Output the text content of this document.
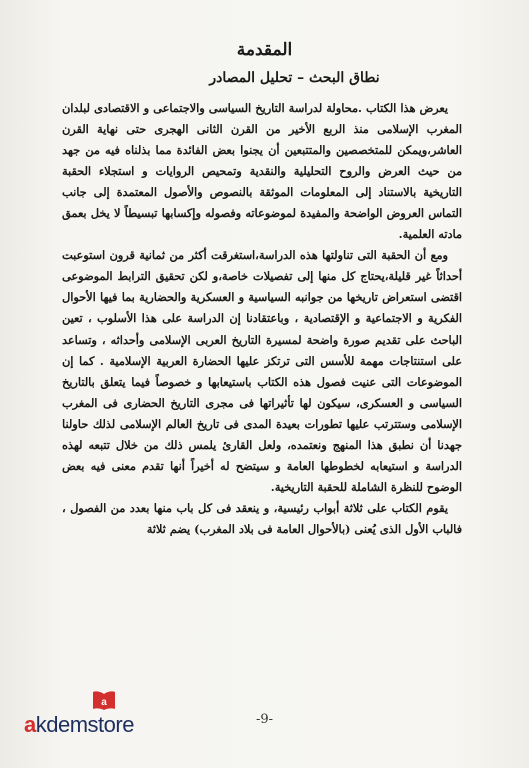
المقدمة
نطاق البحث – تحليل المصادر

يعرض هذا الكتاب .محاولة لدراسة التاريخ السياسى والاجتماعى و الاقتصادى لبلدان المغرب الإسلامى منذ الربع الأخير من القرن الثانى الهجرى حتى نهاية القرن العاشر،ويمكن للمتخصصين والمتتبعين أن يجنوا بعض الفائدة مما بذلناه فيه من جهد من حيث العرض والروح التحليلية والنقدية وتمحيص الروايات و استجلاء الحقبة التاريخية بالاستناد إلى المعلومات الموثقة بالنصوص والأصول المعتمدة إلى جانب التماس العروض الواضحة والمفيدة لموضوعاته وفصوله وإكسابها تبسيطاً لا يخل بعمق مادته العلمية.

ومع أن الحقبة التى تناولتها هذه الدراسة،استغرقت أكثر من ثمانية قرون استوعبت أحداثاً غير قليلة،يحتاج كل منها إلى تفصيلات خاصة،و لكن تحقيق الترابط الموضوعى اقتضى استعراض تاريخها من جوانبه السياسية و العسكرية والحضارية بما فيها الأحوال الفكرية و الاجتماعية و الإقتصادية ، وباعتقادنا إن الدراسة على هذا الأسلوب ، تعين الباحث على تقديم صورة واضحة لمسيرة التاريخ العربى الإسلامى وأحداثه ، وتساعد على استنتاجات مهمة للأسس التى ترتكز عليها الحضارة العربية الإسلامية . كما إن الموضوعات التى عنيت فصول هذه الكتاب باستيعابها و خصوصاً فيما يتعلق بالتاريخ السياسى و العسكرى، سيكون لها تأثيراتها فى مجرى التاريخ الحضارى فى المغرب الإسلامى وستترتب عليها تطورات بعيدة المدى فى تاريخ العالم الإسلامى لذلك حاولنا جهدنا أن نطبق هذا المنهج ونعتمده، ولعل القارئ يلمس ذلك من خلال تتبعه لهذه الدراسة و استيعابه لخطوطها العامة و سيتضح له أخيراً أنها تقدم معنى فيه بعض الوضوح للنظرة الشاملة للحقبة التاريخية.

يقوم الكتاب على ثلاثة أبواب رئيسية، و ينعقد فى كل باب منها بعدد من الفصول ، فالباب الأول الذى يُعنى (بالأحوال العامة فى بلاد المغرب) يضم ثلاثة

-9-
a
akdemstore
